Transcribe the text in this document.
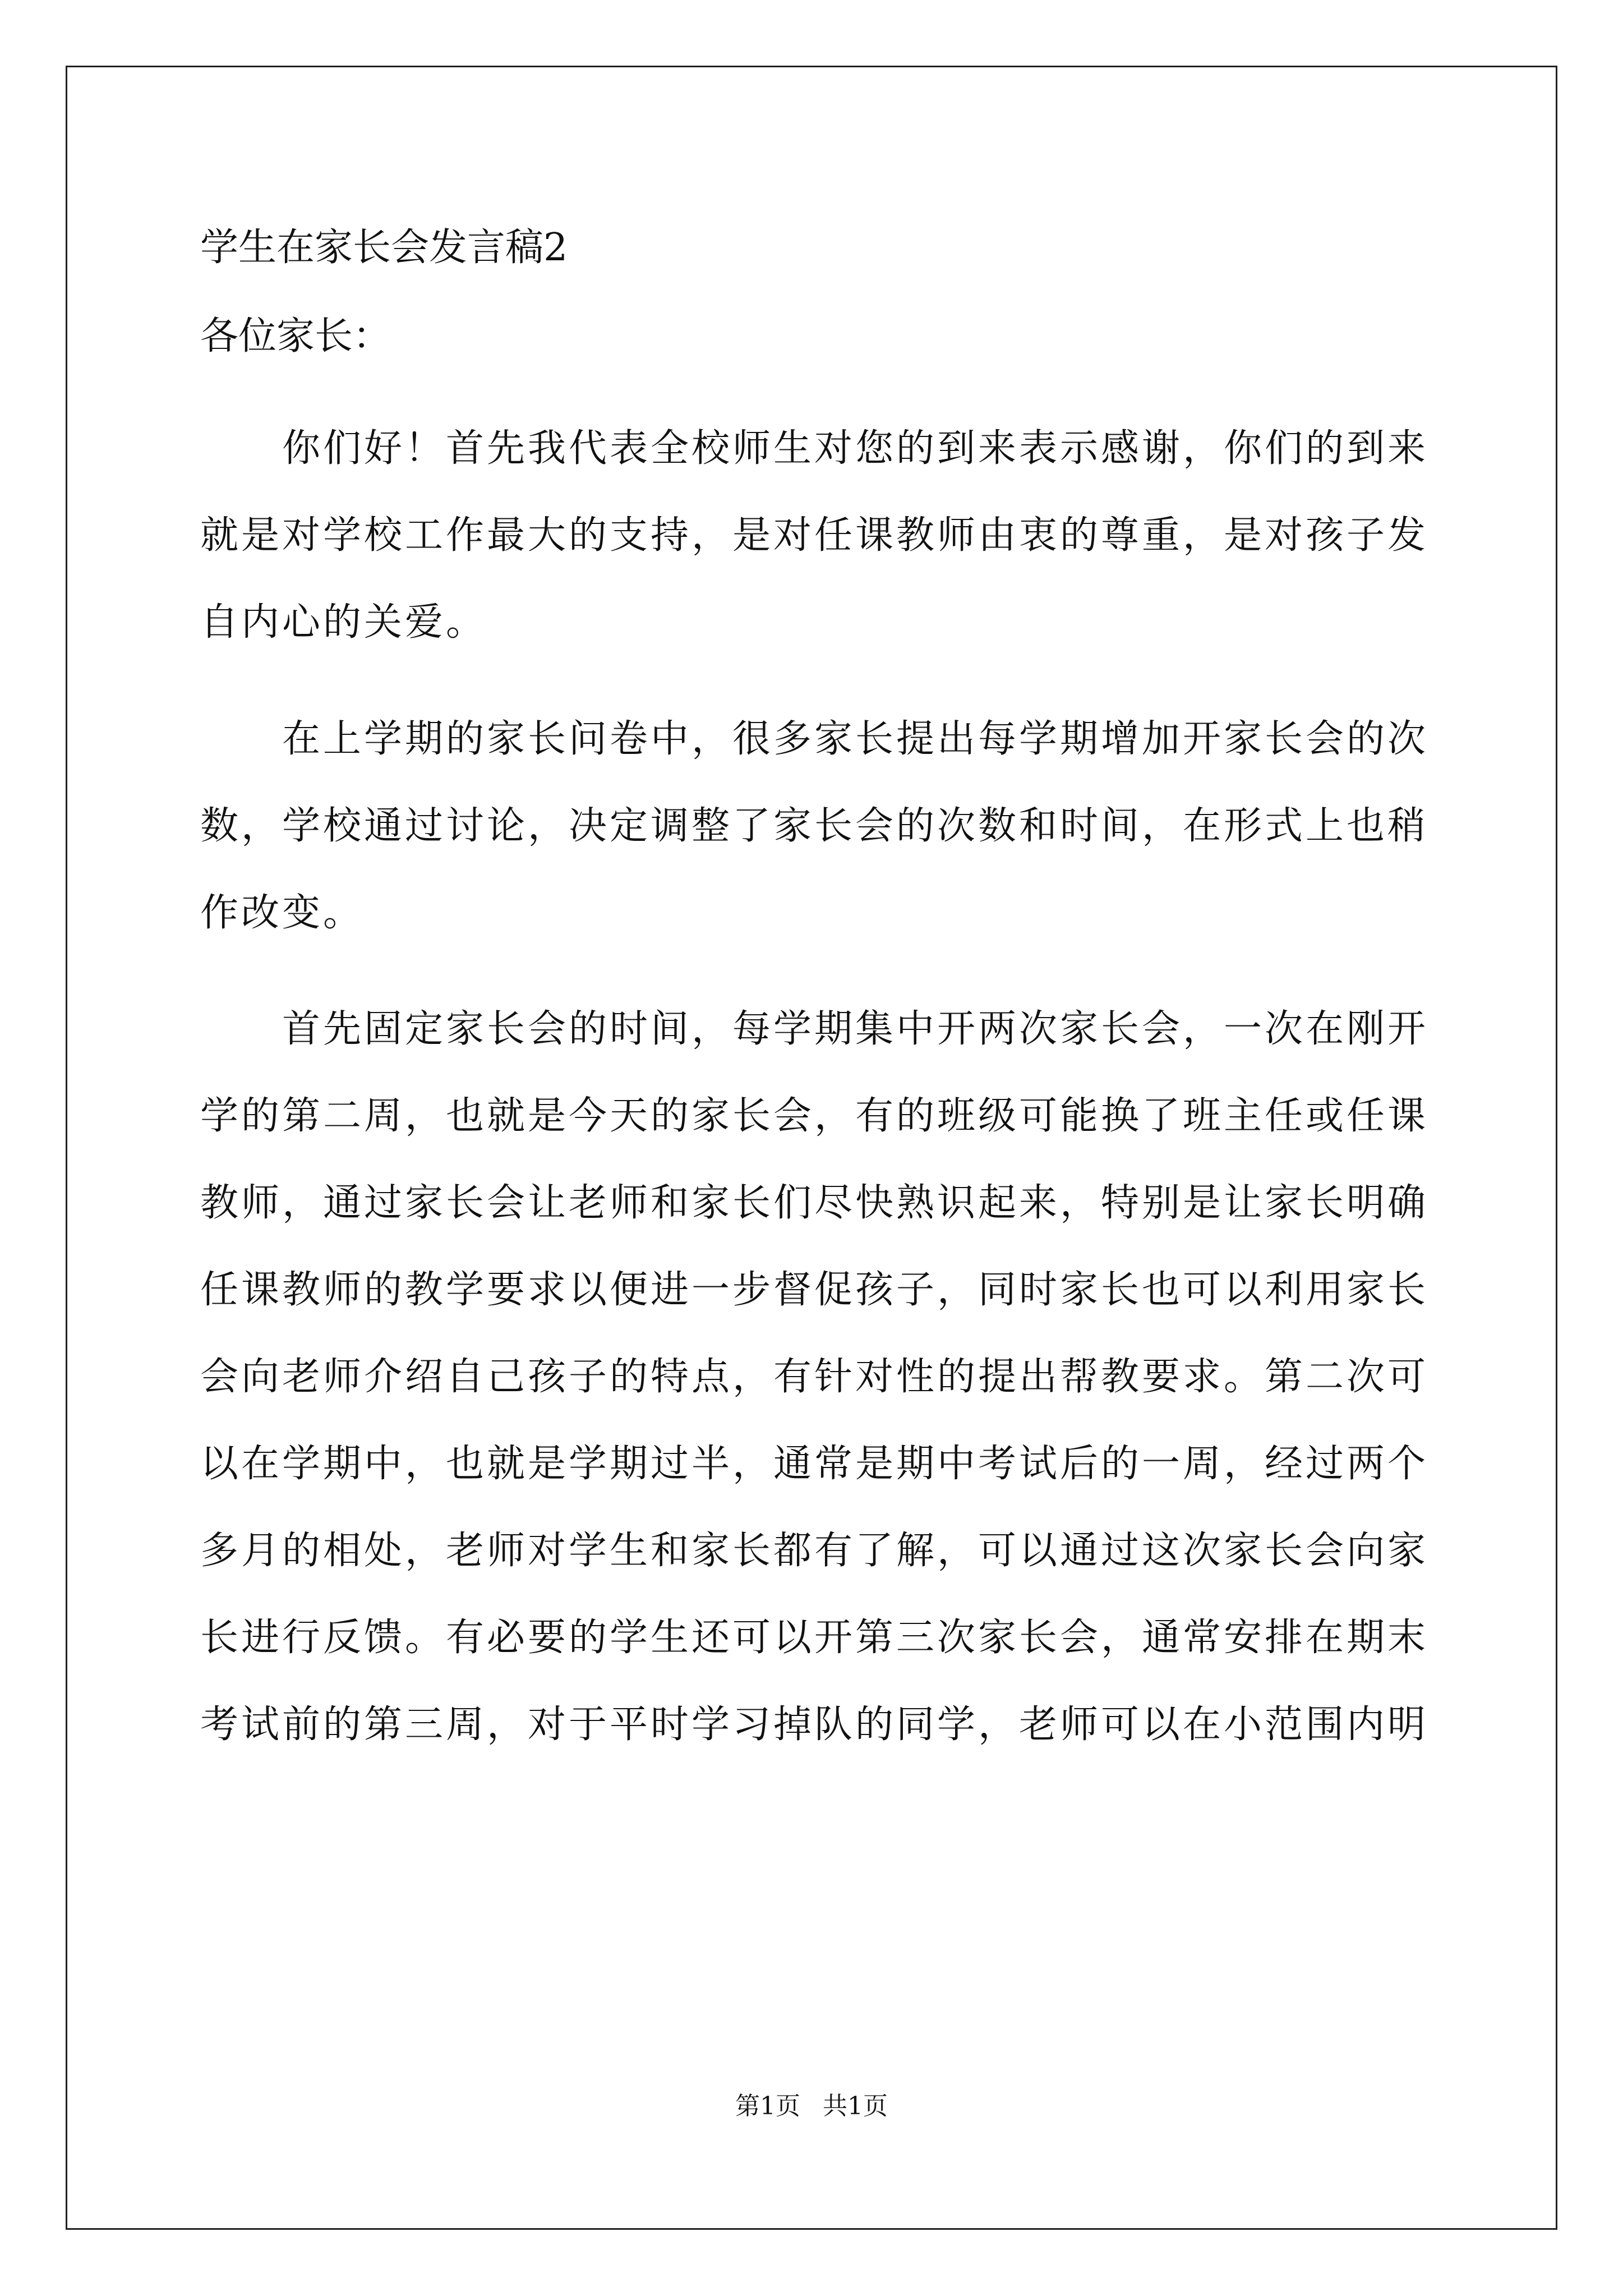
学生在家长会发言稿2
各位家长：
　　你们好！首先我代表全校师生对您的到来表示感谢，你们的到来
就是对学校工作最大的支持，是对任课教师由衷的尊重，是对孩子发
自内心的关爱。
　　在上学期的家长问卷中，很多家长提出每学期增加开家长会的次
数，学校通过讨论，决定调整了家长会的次数和时间，在形式上也稍
作改变。
　　首先固定家长会的时间，每学期集中开两次家长会，一次在刚开
学的第二周，也就是今天的家长会，有的班级可能换了班主任或任课
教师，通过家长会让老师和家长们尽快熟识起来，特别是让家长明确
任课教师的教学要求以便进一步督促孩子，同时家长也可以利用家长
会向老师介绍自己孩子的特点，有针对性的提出帮教要求。第二次可
以在学期中，也就是学期过半，通常是期中考试后的一周，经过两个
多月的相处，老师对学生和家长都有了解，可以通过这次家长会向家
长进行反馈。有必要的学生还可以开第三次家长会，通常安排在期末
考试前的第三周，对于平时学习掉队的同学，老师可以在小范围内明
第1页 共1页
